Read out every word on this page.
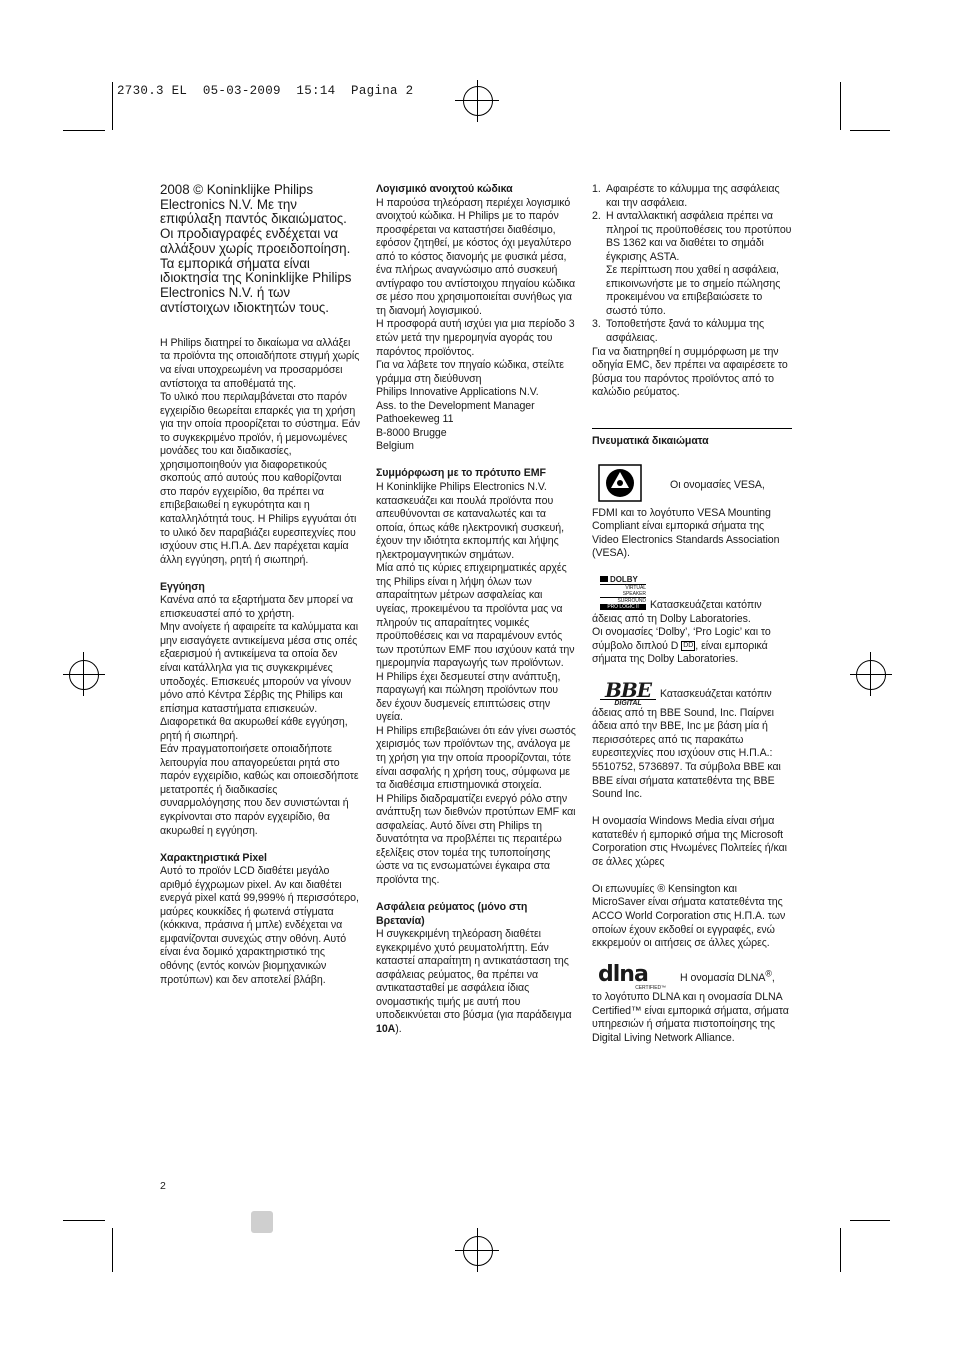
2730.3 EL  05-03-2009  15:14  Pagina 2

2008 © Koninklijke Philips Electronics N.V. Με την επιφύλαξη παντός δικαιώματος. Οι προδιαγραφές ενδέχεται να αλλάξουν χωρίς προειδοποίηση. Τα εμπορικά σήματα είναι ιδιοκτησία της Koninklijke Philips Electronics N.V. ή των αντίστοιχων ιδιοκτητών τους.

Η Philips διατηρεί το δικαίωμα να αλλάξει τα προϊόντα της οποιαδήποτε στιγμή χωρίς να είναι υποχρεωμένη να προσαρμόσει αντίστοιχα τα αποθέματά της.

Το υλικό που περιλαμβάνεται στο παρόν εγχειρίδιο θεωρείται επαρκές για τη χρήση για την οποία προορίζεται το σύστημα. Εάν το συγκεκριμένο προϊόν, ή μεμονωμένες μονάδες του και διαδικασίες, χρησιμοποιηθούν για διαφορετικούς σκοπούς από αυτούς που καθορίζονται στο παρόν εγχειρίδιο, θα πρέπει να επιβεβαιωθεί η εγκυρότητα και η καταλληλότητά τους. Η Philips εγγυάται ότι το υλικό δεν παραβιάζει ευρεσιτεχνίες που ισχύουν στις Η.Π.Α. Δεν παρέχεται καμία άλλη εγγύηση, ρητή ή σιωπηρή.

Εγγύηση

Κανένα από τα εξαρτήματα δεν μπορεί να επισκευαστεί από το χρήστη.

Μην ανοίγετε ή αφαιρείτε τα καλύμματα και μην εισαγάγετε αντικείμενα μέσα στις οπές εξαερισμού ή αντικείμενα τα οποία δεν είναι κατάλληλα για τις συγκεκριμένες υποδοχές. Επισκευές μπορούν να γίνουν μόνο από Κέντρα Σέρβις της Philips και επίσημα καταστήματα επισκευών. Διαφορετικά θα ακυρωθεί κάθε εγγύηση, ρητή ή σιωπηρή.

Εάν πραγματοποιήσετε οποιαδήποτε λειτουργία που απαγορεύεται ρητά στο παρόν εγχειρίδιο, καθώς και οποιεσδήποτε μετατροπές ή διαδικασίες συναρμολόγησης που δεν συνιστώνται ή εγκρίνονται στο παρόν εγχειρίδιο, θα ακυρωθεί η εγγύηση.

Χαρακτηριστικά Pixel

Αυτό το προϊόν LCD διαθέτει μεγάλο αριθμό έγχρωμων pixel. Αν και διαθέτει ενεργά pixel κατά 99,999% ή περισσότερο, μαύρες κουκκίδες ή φωτεινά στίγματα (κόκκινα, πράσινα ή μπλε) ενδέχεται να εμφανίζονται συνεχώς στην οθόνη. Αυτό είναι ένα δομικό χαρακτηριστικό της οθόνης (εντός κοινών βιομηχανικών προτύπων) και δεν αποτελεί βλάβη.

Λογισμικό ανοιχτού κώδικα

Η παρούσα τηλεόραση περιέχει λογισμικό ανοιχτού κώδικα. Η Philips με το παρόν προσφέρεται να καταστήσει διαθέσιμο, εφόσον ζητηθεί, με κόστος όχι μεγαλύτερο από το κόστος διανομής με φυσικά μέσα, ένα πλήρως αναγνώσιμο από συσκευή αντίγραφο του αντίστοιχου πηγαίου κώδικα σε μέσο που χρησιμοποιείται συνήθως για τη διανομή λογισμικού.

Η προσφορά αυτή ισχύει για μια περίοδο 3 ετών μετά την ημερομηνία αγοράς του παρόντος προϊόντος.

Για να λάβετε τον πηγαίο κώδικα, στείλτε γράμμα στη διεύθυνση

Philips Innovative Applications N.V.

Ass. to the Development Manager

Pathoekeweg 11

B-8000 Brugge

Belgium

Συμμόρφωση με το πρότυπο EMF

Η Koninklijke Philips Electronics N.V. κατασκευάζει και πουλά προϊόντα που απευθύνονται σε καταναλωτές και τα οποία, όπως κάθε ηλεκτρονική συσκευή, έχουν την ιδιότητα εκπομπής και λήψης ηλεκτρομαγνητικών σημάτων.

Μία από τις κύριες επιχειρηματικές αρχές της Philips είναι η λήψη όλων των απαραίτητων μέτρων ασφαλείας και υγείας, προκειμένου τα προϊόντα μας να πληρούν τις απαραίτητες νομικές προϋποθέσεις και να παραμένουν εντός των προτύπων EMF που ισχύουν κατά την ημερομηνία παραγωγής των προϊόντων.

Η Philips έχει δεσμευτεί στην ανάπτυξη, παραγωγή και πώληση προϊόντων που δεν έχουν δυσμενείς επιπτώσεις στην υγεία.

Η Philips επιβεβαιώνει ότι εάν γίνει σωστός χειρισμός των προϊόντων της, ανάλογα με τη χρήση για την οποία προορίζονται, τότε είναι ασφαλής η χρήση τους, σύμφωνα με τα διαθέσιμα επιστημονικά στοιχεία.

Η Philips διαδραματίζει ενεργό ρόλο στην ανάπτυξη των διεθνών προτύπων EMF και ασφαλείας. Αυτό δίνει στη Philips τη δυνατότητα να προβλέπει τις περαιτέρω εξελίξεις στον τομέα της τυποποίησης ώστε να τις ενσωματώνει έγκαιρα στα προϊόντα της.

Ασφάλεια ρεύματος (μόνο στη Βρετανία)

Η συγκεκριμένη τηλεόραση διαθέτει εγκεκριμένο χυτό ρευματολήπτη. Εάν καταστεί απαραίτητη η αντικατάσταση της ασφάλειας ρεύματος, θα πρέπει να αντικατασταθεί με ασφάλεια ίδιας ονομαστικής τιμής με αυτή που υποδεικνύεται στο βύσμα (για παράδειγμα 10A).

1. Αφαιρέστε το κάλυμμα της ασφάλειας και την ασφάλεια.
2. Η ανταλλακτική ασφάλεια πρέπει να πληροί τις προϋποθέσεις του προτύπου BS 1362 και να διαθέτει το σημάδι έγκρισης ASTA.
Σε περίπτωση που χαθεί η ασφάλεια, επικοινωνήστε με το σημείο πώλησης προκειμένου να επιβεβαιώσετε το σωστό τύπο.
3. Τοποθετήστε ξανά το κάλυμμα της ασφάλειας.

Για να διατηρηθεί η συμμόρφωση με την οδηγία EMC, δεν πρέπει να αφαιρέσετε το βύσμα του παρόντος προϊόντος από το καλώδιο ρεύματος.

Πνευματικά δικαιώματα

Οι ονομασίες VESA,

FDMI και το λογότυπο VESA Mounting Compliant είναι εμπορικά σήματα της Video Electronics Standards Association (VESA).

DOLBY
VIRTUAL
SPEAKER
SURROUND
PRO LOGIC II	Κατασκευάζεται κατόπιν άδειας από τη Dolby Laboratories.

Οι ονομασίες ‘Dolby’, ‘Pro Logic’ και το σύμβολο διπλού D DD , είναι εμπορικά σήματα της Dolby Laboratories.

BBE
DIGITAL
Κατασκευάζεται κατόπιν

άδειας από τη BBE Sound, Inc. Παίρνει άδεια από την BBE, Inc με βάση μία ή περισσότερες από τις παρακάτω ευρεσιτεχνίες που ισχύουν στις Η.Π.Α.: 5510752, 5736897. Τα σύμβολα BBE και BBE είναι σήματα κατατεθέντα της BBE Sound Inc.

Η ονομασία Windows Media είναι σήμα κατατεθέν ή εμπορικό σήμα της Microsoft Corporation στις Ηνωμένες Πολιτείες ή/και σε άλλες χώρες

Οι επωνυμίες ® Kensington και MicroSaver είναι σήματα κατατεθέντα της ACCO World Corporation στις Η.Π.Α. των οποίων έχουν εκδοθεί οι εγγραφές, ενώ εκκρεμούν οι αιτήσεις σε άλλες χώρες.

dlna
CERTIFIED™
Η ονομασία DLNA®,

το λογότυπο DLNA και η ονομασία DLNA Certified™ είναι εμπορικά σήματα, σήματα υπηρεσιών ή σήματα πιστοποίησης της Digital Living Network Alliance.

2
